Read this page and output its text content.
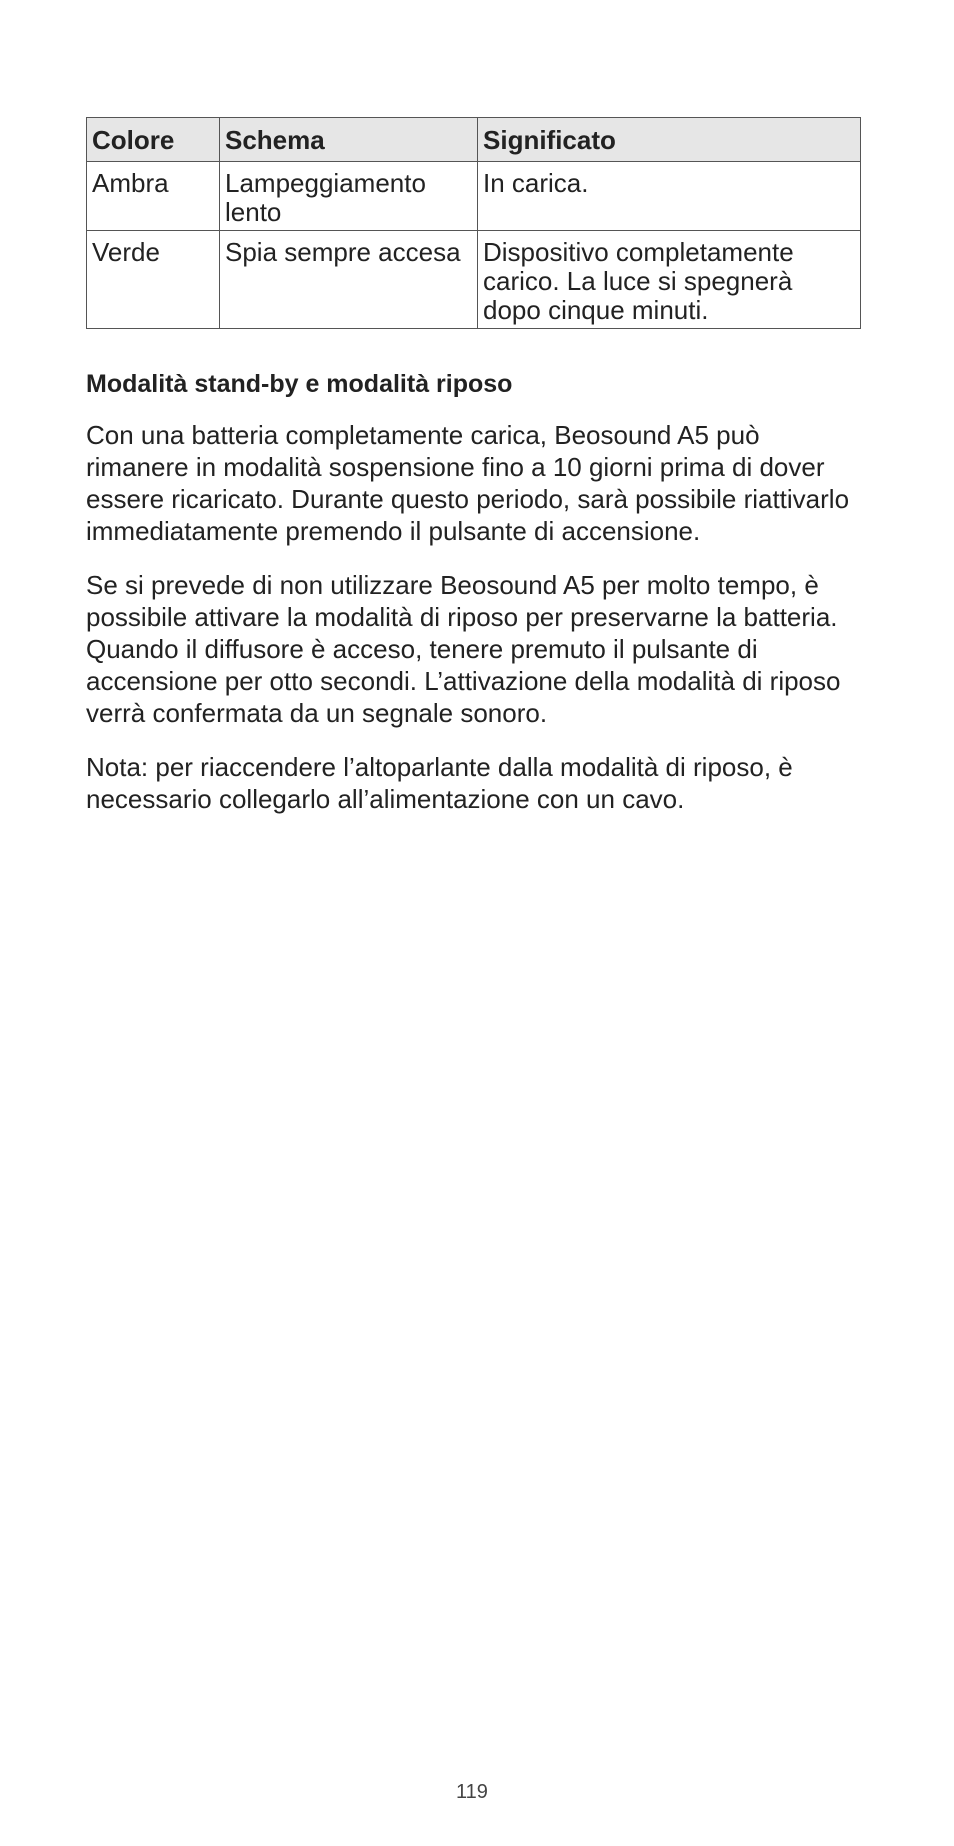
Colore	Schema	Significato
Ambra	Lampeggiamento lento	In carica.
Verde	Spia sempre accesa	Dispositivo completamente carico. La luce si spegnerà dopo cinque minuti.
Modalità stand-by e modalità riposo

Con una batteria completamente carica, Beosound A5 può rimanere in modalità sospensione fino a 10 giorni prima di dover essere ricaricato. Durante questo periodo, sarà possibile riattivarlo immediatamente premendo il pulsante di accensione.

Se si prevede di non utilizzare Beosound A5 per molto tempo, è possibile attivare la modalità di riposo per preservarne la batteria. Quando il diffusore è acceso, tenere premuto il pulsante di accensione per otto secondi. L’attivazione della modalità di riposo verrà confermata da un segnale sonoro.

Nota: per riaccendere l’altoparlante dalla modalità di riposo, è necessario collegarlo all’alimentazione con un cavo.

119
